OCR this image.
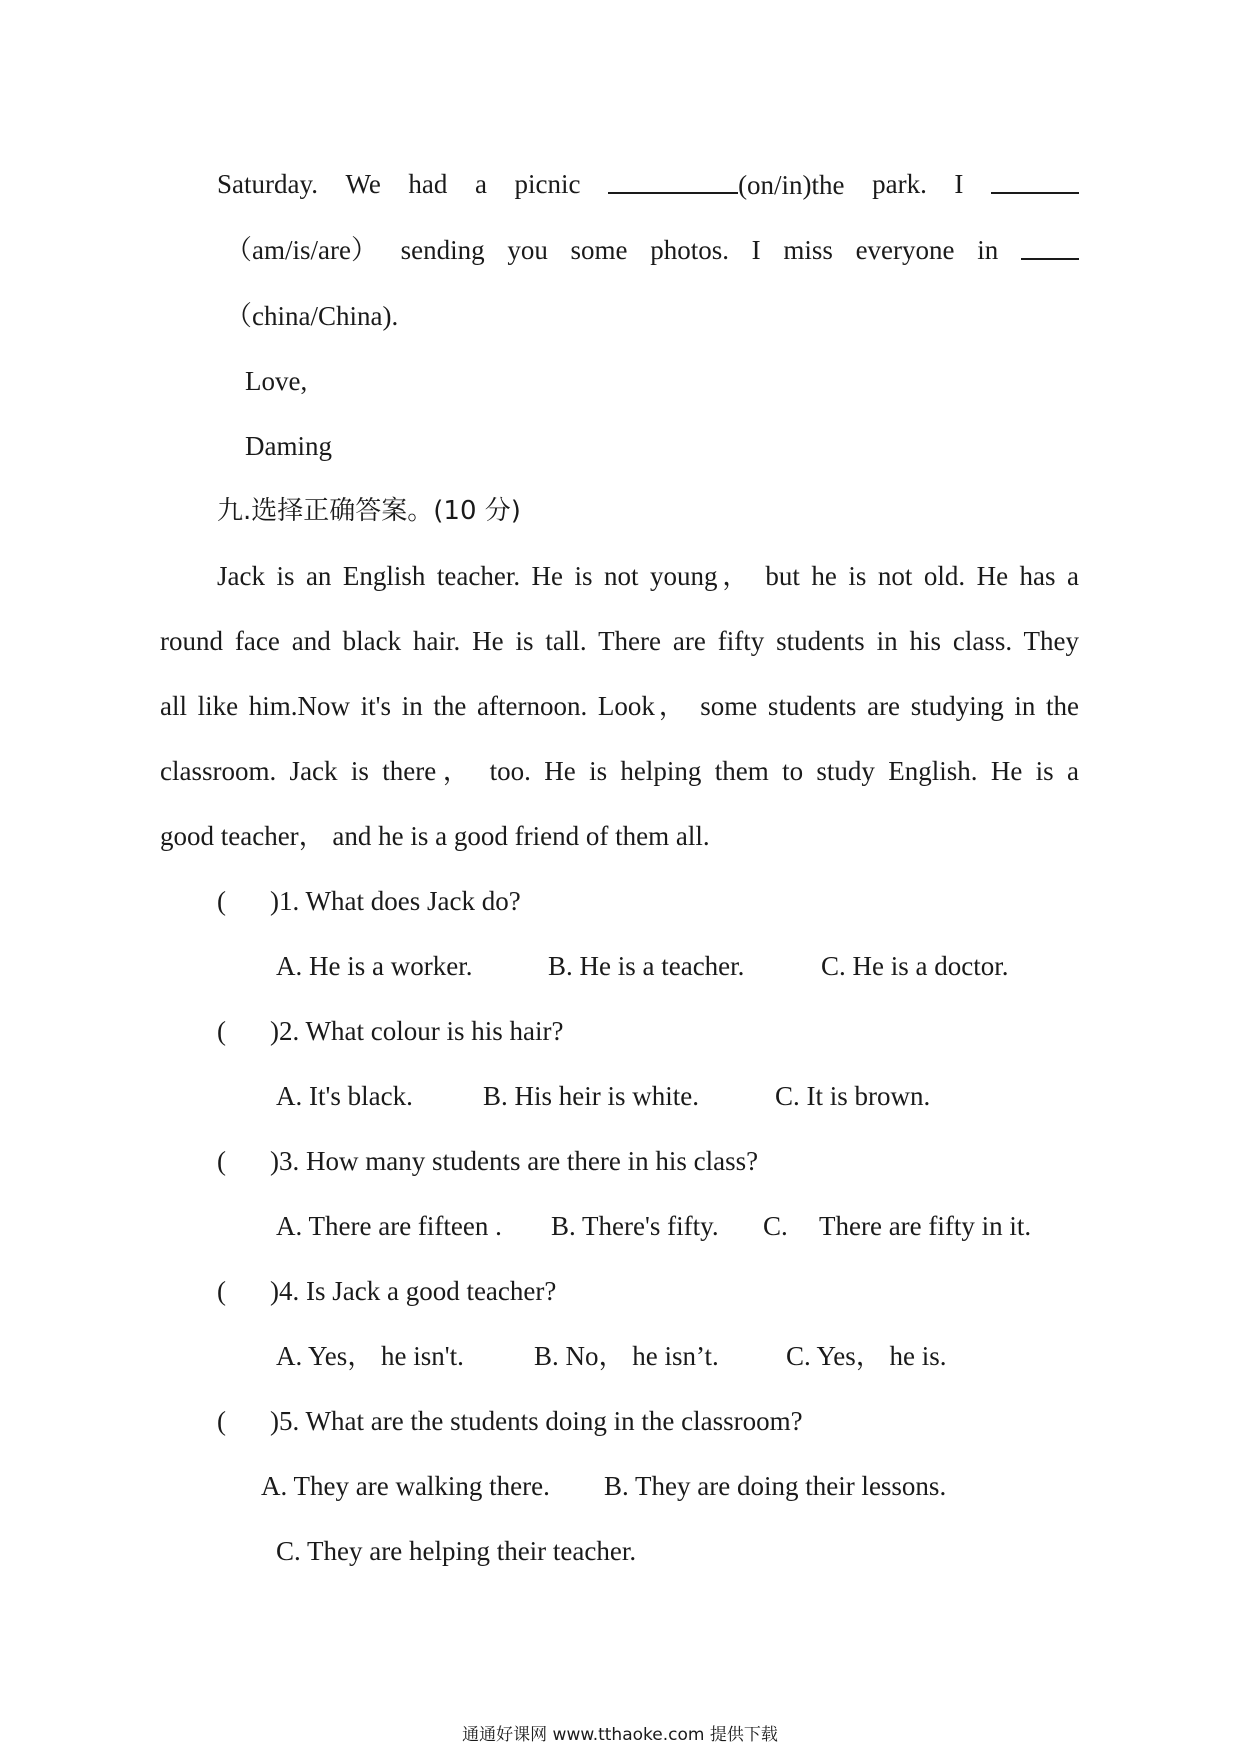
Saturday. We had a picnic	(on/in)the park. I
（am/is/are） sending you some photos. I miss everyone in
（china/China).
Love,
Daming
九.选择正确答案。(10 分)
Jack is an English teacher. He is not young， but he is not old. He has a
round face and black hair. He is tall. There are fifty students in his class. They
all like him.Now it's in the afternoon. Look， some students are studying in the
classroom. Jack is there， too. He is helping them to study English. He is a
good teacher， and he is a good friend of them all.
( )1. What does Jack do?
A. He is a worker.	B. He is a teacher.	C. He is a doctor.
( )2. What colour is his hair?
A. It's black.	B. His heir is white.	C. It is brown.
( )3. How many students are there in his class?
A. There are fifteen . B. There's fifty. C. There are fifty in it.
( )4. Is Jack a good teacher?
A. Yes， he isn't.	B. No， he isn’t. C. Yes， he is.
( )5. What are the students doing in the classroom?
A. They are walking there. B. They are doing their lessons.
C. They are helping their teacher.
通通好课网 www.tthaoke.com 提供下载
